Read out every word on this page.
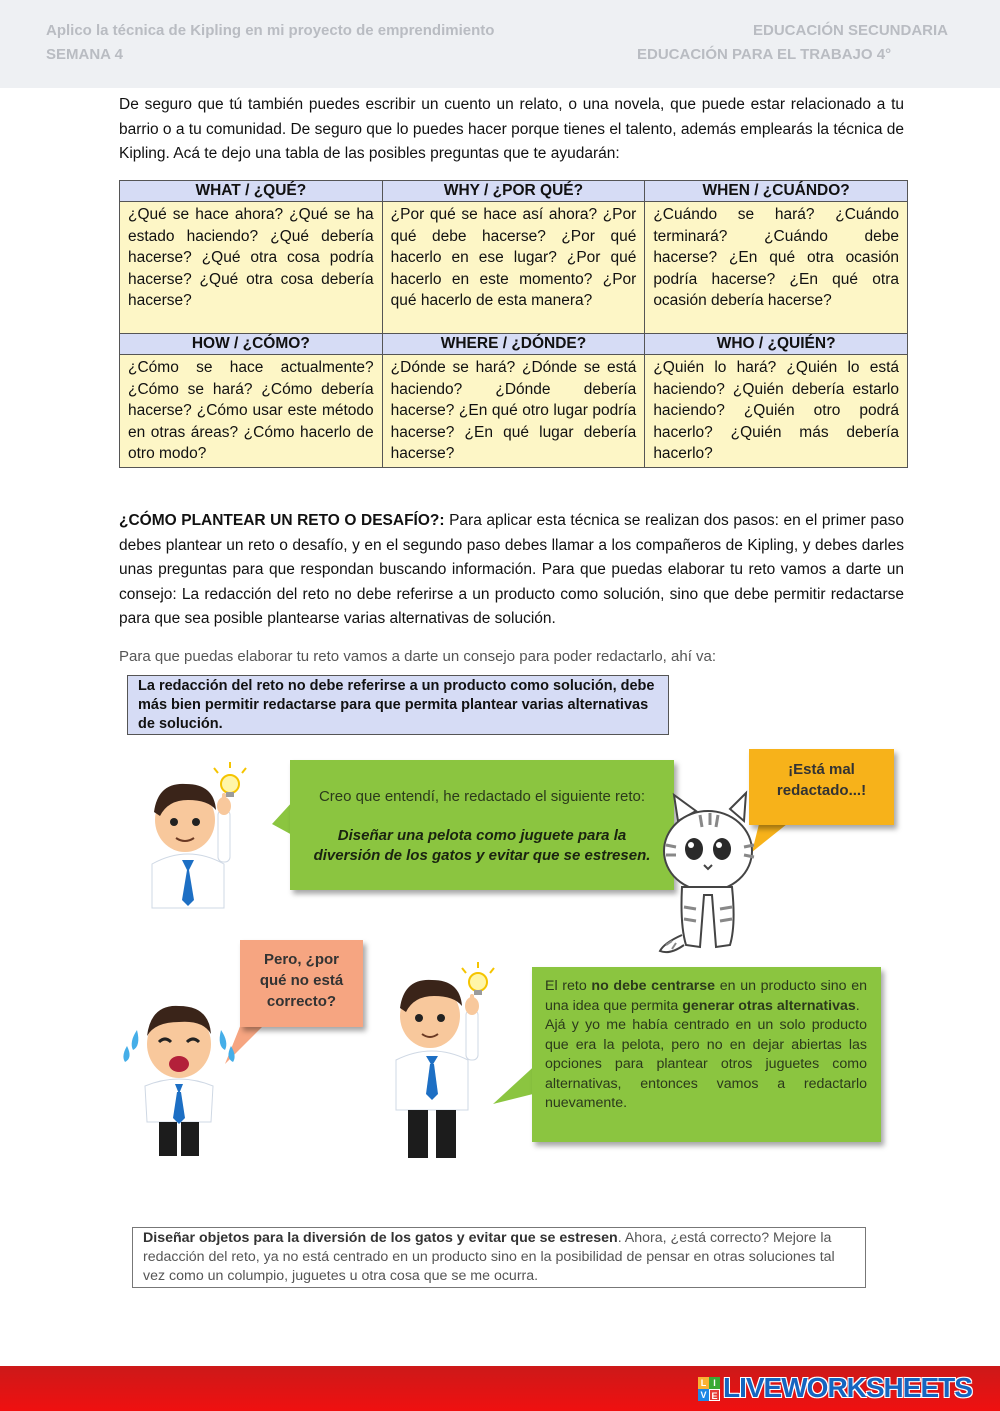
Aplico la técnica de Kipling en mi proyecto de emprendimiento
SEMANA 4
EDUCACIÓN SECUNDARIA
EDUCACIÓN PARA EL TRABAJO 4°
De seguro que tú también puedes escribir un cuento un relato, o una novela, que puede estar relacionado a tu barrio o a tu comunidad. De seguro que lo puedes hacer porque tienes el talento, además emplearás la técnica de Kipling. Acá te dejo una tabla de las posibles preguntas que te ayudarán:
WHAT / ¿QUÉ?	WHY / ¿POR QUÉ?	WHEN / ¿CUÁNDO?
¿Qué se hace ahora? ¿Qué se ha estado haciendo? ¿Qué debería hacerse? ¿Qué otra cosa podría hacerse? ¿Qué otra cosa debería hacerse?	¿Por qué se hace así ahora? ¿Por qué debe hacerse? ¿Por qué hacerlo en ese lugar? ¿Por qué hacerlo en este momento? ¿Por qué hacerlo de esta manera?	¿Cuándo se hará? ¿Cuándo terminará? ¿Cuándo debe hacerse? ¿En qué otra ocasión podría hacerse? ¿En qué otra ocasión debería hacerse?
HOW / ¿CÓMO?	WHERE / ¿DÓNDE?	WHO / ¿QUIÉN?
¿Cómo se hace actualmente? ¿Cómo se hará? ¿Cómo debería hacerse? ¿Cómo usar este método en otras áreas? ¿Cómo hacerlo de otro modo?	¿Dónde se hará? ¿Dónde se está haciendo? ¿Dónde debería hacerse? ¿En qué otro lugar podría hacerse? ¿En qué lugar debería hacerse?	¿Quién lo hará? ¿Quién lo está haciendo? ¿Quién debería estarlo haciendo? ¿Quién otro podrá hacerlo? ¿Quién más debería hacerlo?
¿CÓMO PLANTEAR UN RETO O DESAFÍO?: Para aplicar esta técnica se realizan dos pasos: en el primer paso debes plantear un reto o desafío, y en el segundo paso debes llamar a los compañeros de Kipling, y debes darles unas preguntas para que respondan buscando información. Para que puedas elaborar tu reto vamos a darte un consejo: La redacción del reto no debe referirse a un producto como solución, sino que debe permitir redactarse para que sea posible plantearse varias alternativas de solución.
Para que puedas elaborar tu reto vamos a darte un consejo para poder redactarlo, ahí va:
La redacción del reto no debe referirse a un producto como solución, debe más bien permitir redactarse para que permita plantear varias alternativas de solución.
Creo que entendí, he redactado el siguiente reto:
Diseñar una pelota como juguete para la
diversión de los gatos y evitar que se estresen.
¡Está mal
redactado...!
Pero, ¿por
qué no está
correcto?
El reto no debe centrarse en un producto sino en una idea que permita generar otras alternativas.
Ajá y yo me había centrado en un solo producto que era la pelota, pero no en dejar abiertas las opciones para plantear otros juguetes como alternativas, entonces vamos a redactarlo nuevamente.
Diseñar objetos para la diversión de los gatos y evitar que se estresen. Ahora, ¿está correcto? Mejore la redacción del reto, ya no está centrado en un producto sino en la posibilidad de pensar en otras soluciones tal vez como un columpio, juguetes u otra cosa que se me ocurra.
L I
V E LIVEWORKSHEETS
